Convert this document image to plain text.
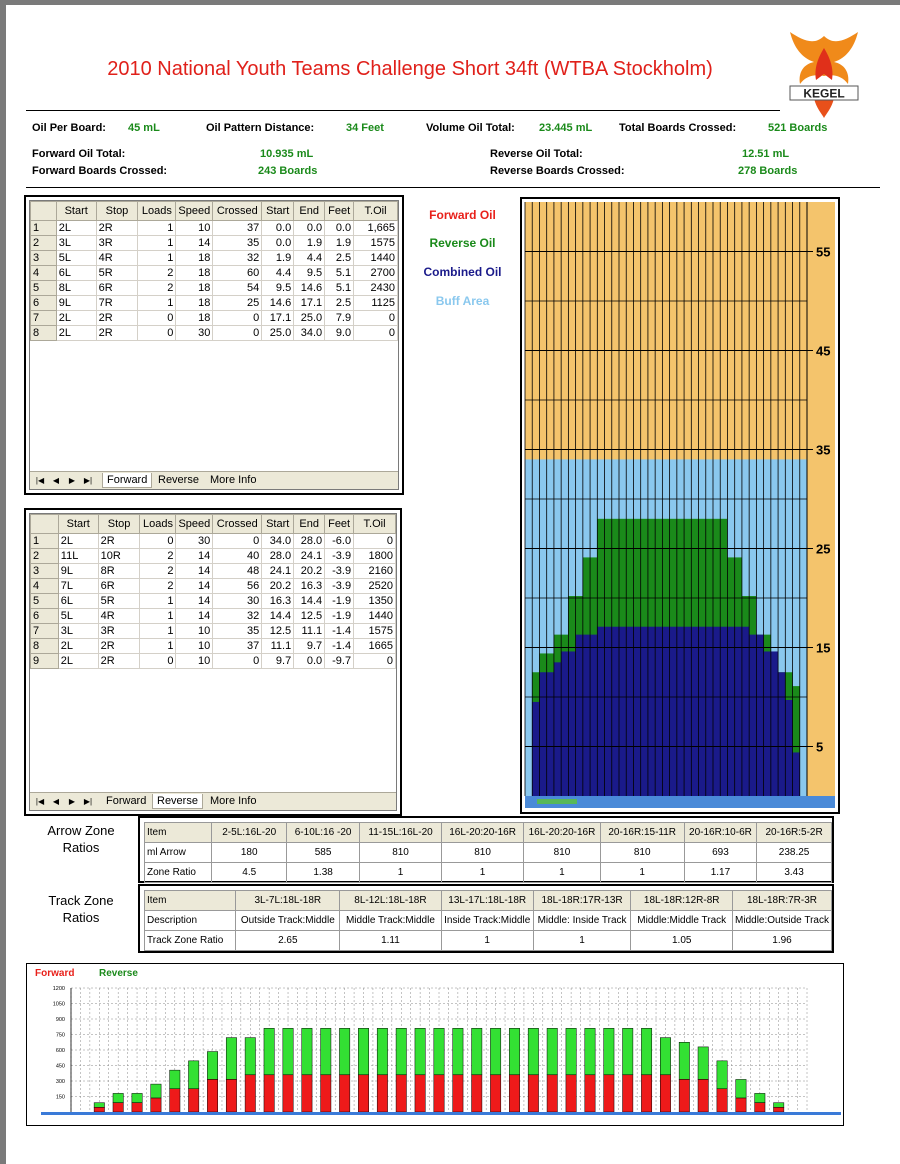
2010 National Youth Teams Challenge Short 34ft (WTBA Stockholm)
KEGEL
Oil Per Board: 45 mL	Oil Pattern Distance:	34 Feet	Volume Oil Total: 23.445 mL Total Boards Crossed:	521 Boards
Forward Oil Total:	10.935 mL	Reverse Oil Total:	12.51 mL
Forward Boards Crossed:	243 Boards	Reverse Boards Crossed:	278 Boards
	Start	Stop	Loads	Speed	Crossed	Start	End	Feet	T.Oil
1	2L	2R	1	10	37	0.0	0.0	0.0	1,665
2	3L	3R	1	14	35	0.0	1.9	1.9	1575
3	5L	4R	1	18	32	1.9	4.4	2.5	1440
4	6L	5R	2	18	60	4.4	9.5	5.1	2700
5	8L	6R	2	18	54	9.5	14.6	5.1	2430
6	9L	7R	1	18	25	14.6	17.1	2.5	1125
7	2L	2R	0	18	0	17.1	25.0	7.9	0
8	2L	2R	0	30	0	25.0	34.0	9.0	0
|◀	◀	▶	▶|	Forward Reverse	More Info
	Start	Stop	Loads	Speed	Crossed	Start	End	Feet	T.Oil
1	2L	2R	0	30	0	34.0	28.0	-6.0	0
2	11L	10R	2	14	40	28.0	24.1	-3.9	1800
3	9L	8R	2	14	48	24.1	20.2	-3.9	2160
4	7L	6R	2	14	56	20.2	16.3	-3.9	2520
5	6L	5R	1	14	30	16.3	14.4	-1.9	1350
6	5L	4R	1	14	32	14.4	12.5	-1.9	1440
7	3L	3R	1	10	35	12.5	11.1	-1.4	1575
8	2L	2R	1	10	37	11.1	9.7	-1.4	1665
9	2L	2R	0	10	0	9.7	0.0	-9.7	0
|◀	◀	▶	▶|	Forward Reverse	More Info
Forward Oil
Reverse Oil
Combined Oil
Buff Area
5
15
25
35
45
55
Arrow Zone Ratios
Item	2-5L:16L-20	6-10L:16 -20	11-15L:16L-20	16L-20:20-16R	16L-20:20-16R	20-16R:15-11R	20-16R:10-6R	20-16R:5-2R
ml Arrow	180	585	810	810	810	810	693	238.25
Zone Ratio	4.5	1.38	1	1	1	1	1.17	3.43
Track Zone Ratios
Item	3L-7L:18L-18R	8L-12L:18L-18R	13L-17L:18L-18R	18L-18R:17R-13R	18L-18R:12R-8R	18L-18R:7R-3R
Description	Outside Track:Middle	Middle Track:Middle	Inside Track:Middle	Middle: Inside Track	Middle:Middle Track	Middle:Outside Track
Track Zone Ratio	2.65	1.11	1	1	1.05	1.96
Forward Reverse
150
300
450
600
750
900
1050
1200
